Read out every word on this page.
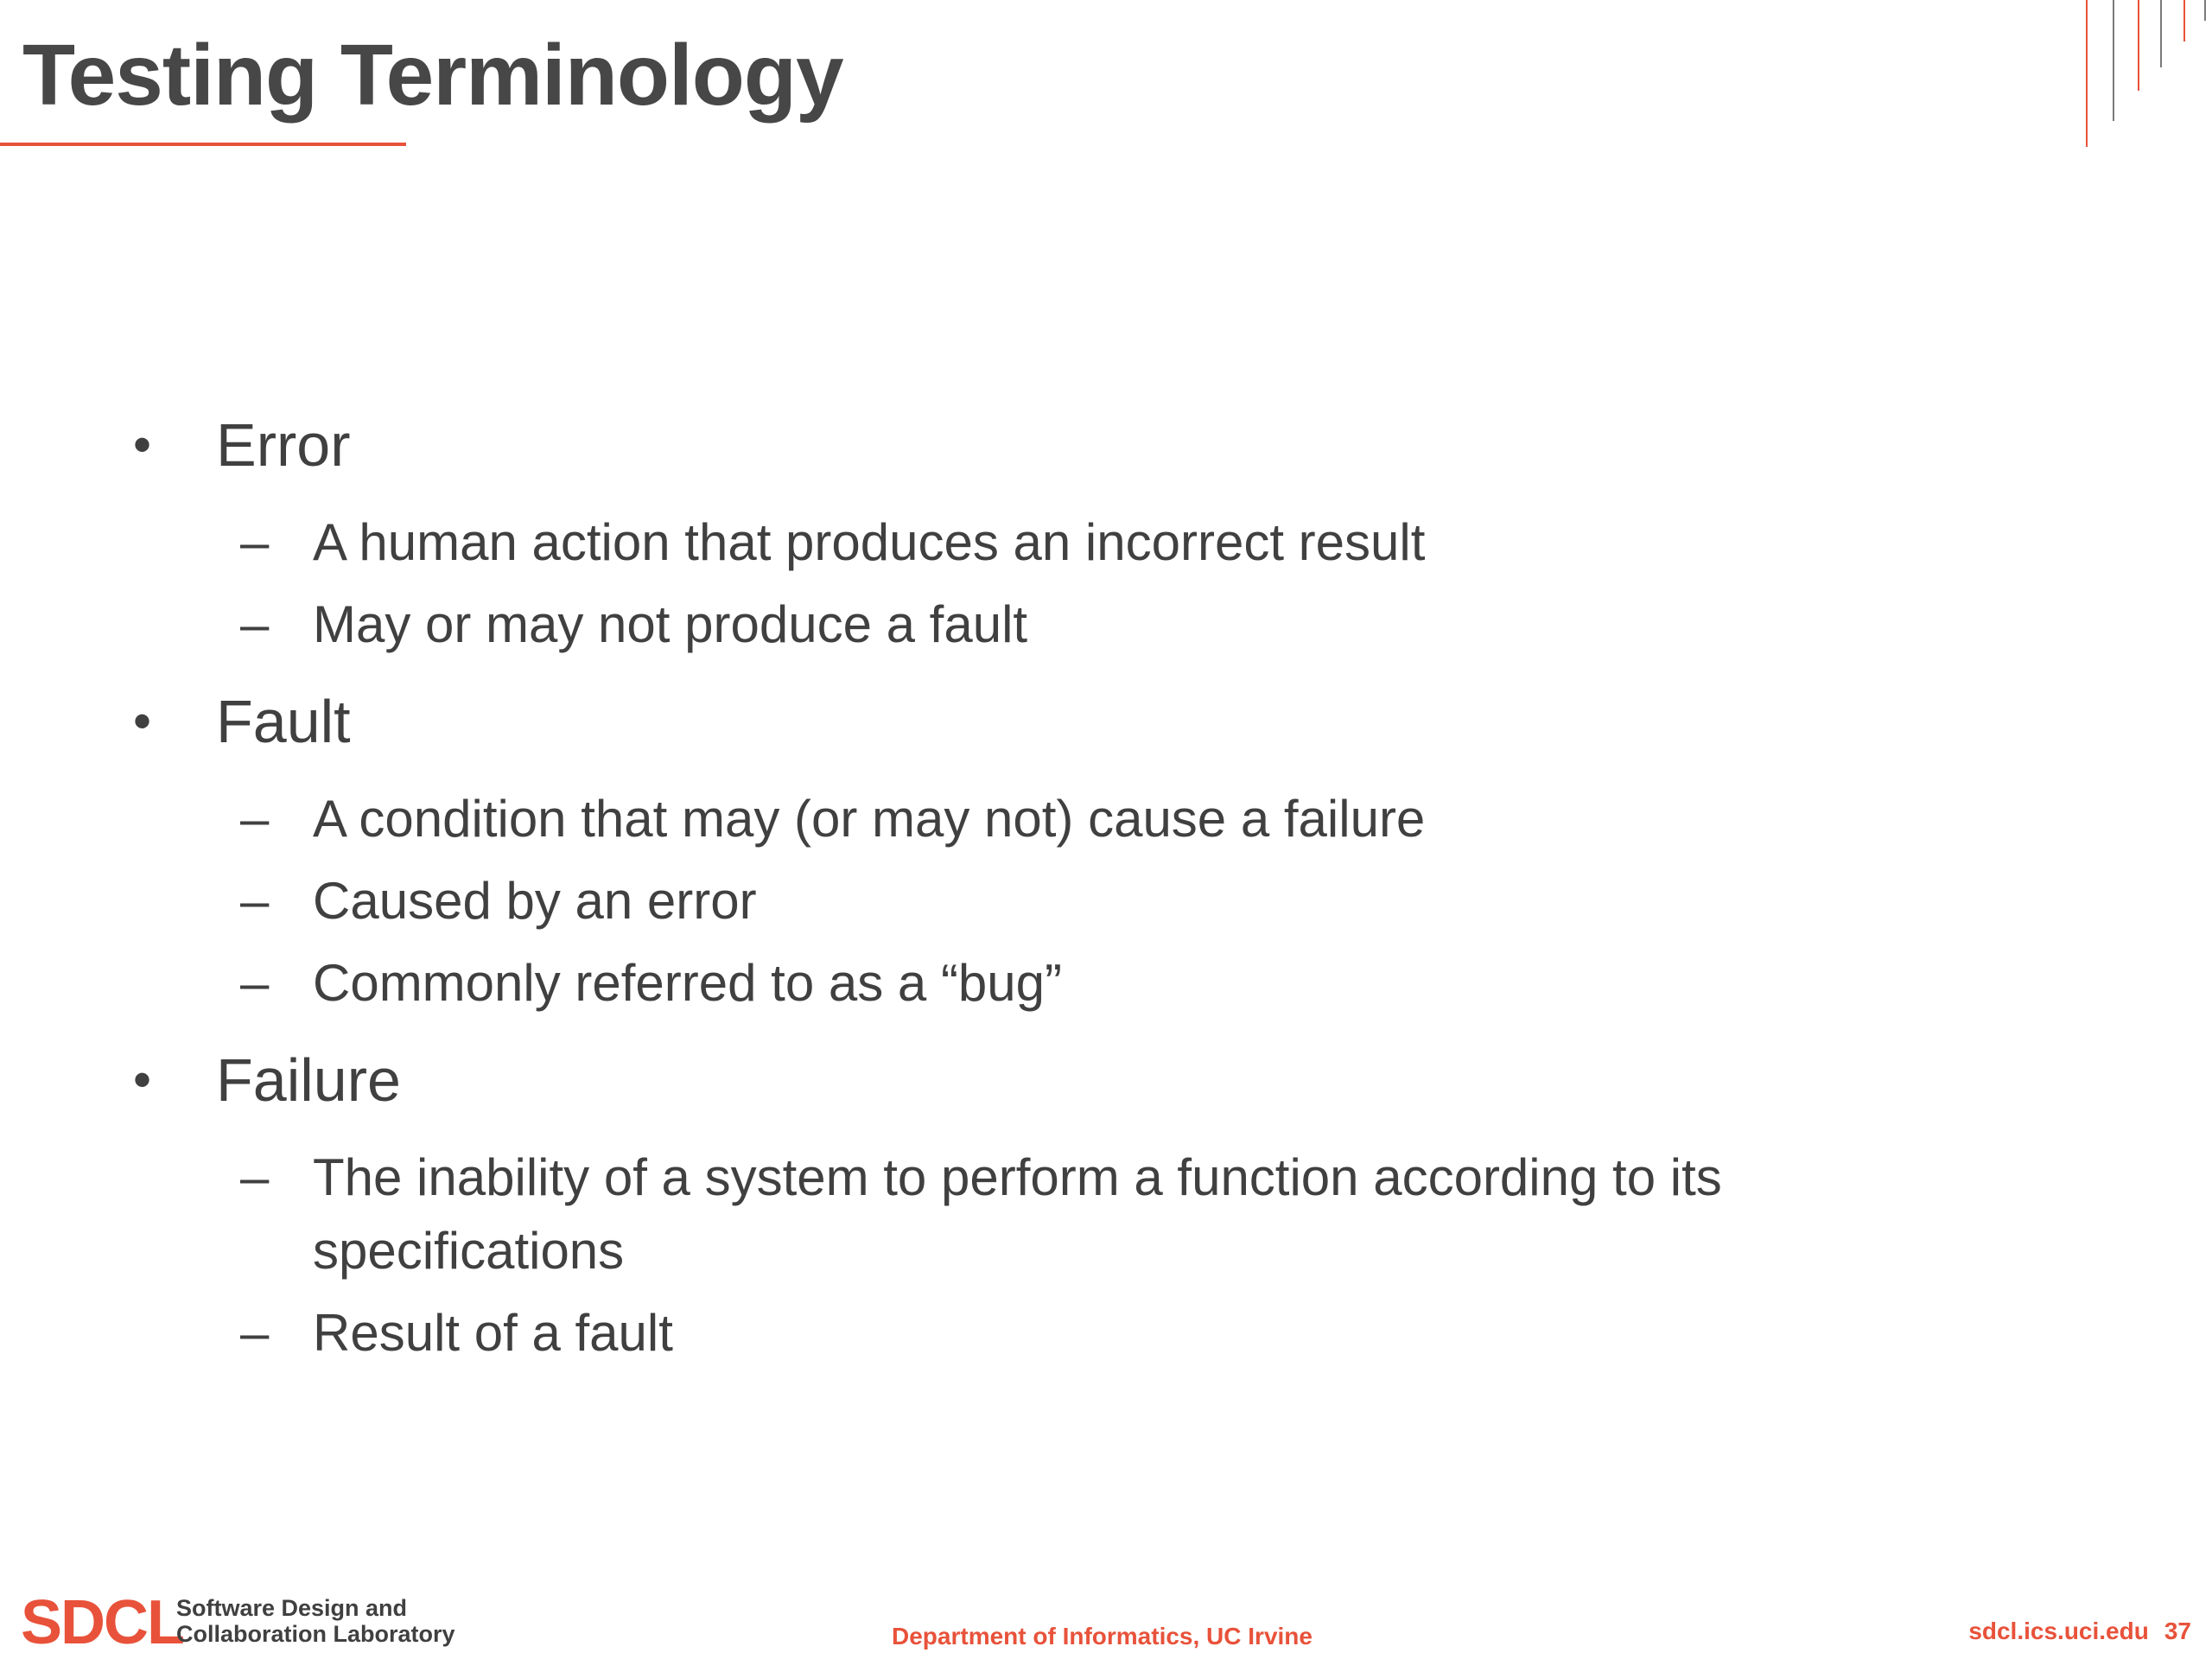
Testing Terminology
• Error
– A human action that produces an incorrect result
– May or may not produce a fault
• Fault
– A condition that may (or may not) cause a failure
– Caused by an error
– Commonly referred to as a “bug”
• Failure
– The inability of a system to perform a function according to its specifications
– Result of a fault
SDCL
Software Design and
Collaboration Laboratory	Department of Informatics, UC Irvine	sdcl.ics.uci.edu 37
